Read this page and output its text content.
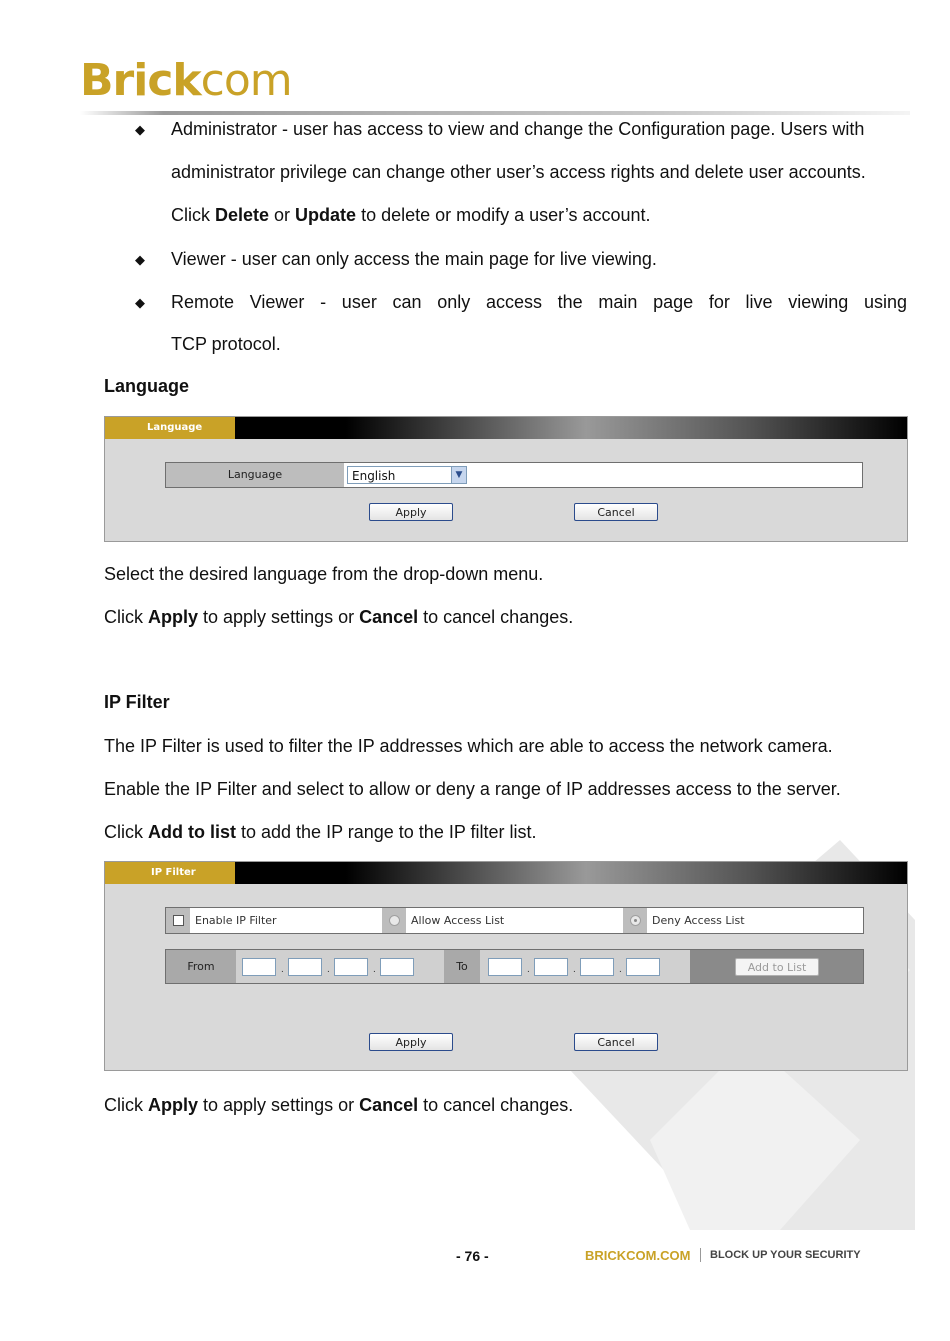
Brickcom
◆ Administrator - user has access to view and change the Configuration page. Users with
administrator privilege can change other user’s access rights and delete user accounts.
Click Delete or Update to delete or modify a user’s account.
◆ Viewer - user can only access the main page for live viewing.
◆ Remote Viewer - user can only access the main page for live viewing using
TCP protocol.
Language
Language
Language	English	▼
Apply	Cancel
Select the desired language from the drop-down menu.
Click Apply to apply settings or Cancel to cancel changes.
IP Filter
The IP Filter is used to filter the IP addresses which are able to access the network camera.
Enable the IP Filter and select to allow or deny a range of IP addresses access to the server.
Click Add to list to add the IP range to the IP filter list.
IP Filter
Enable IP Filter	Allow Access List	Deny Access List
From	.	.	.	To	.	.	.	Add to List
Apply	Cancel
Click Apply to apply settings or Cancel to cancel changes.
- 76 -	BRICKCOM.COM BLOCK UP YOUR SECURITY
